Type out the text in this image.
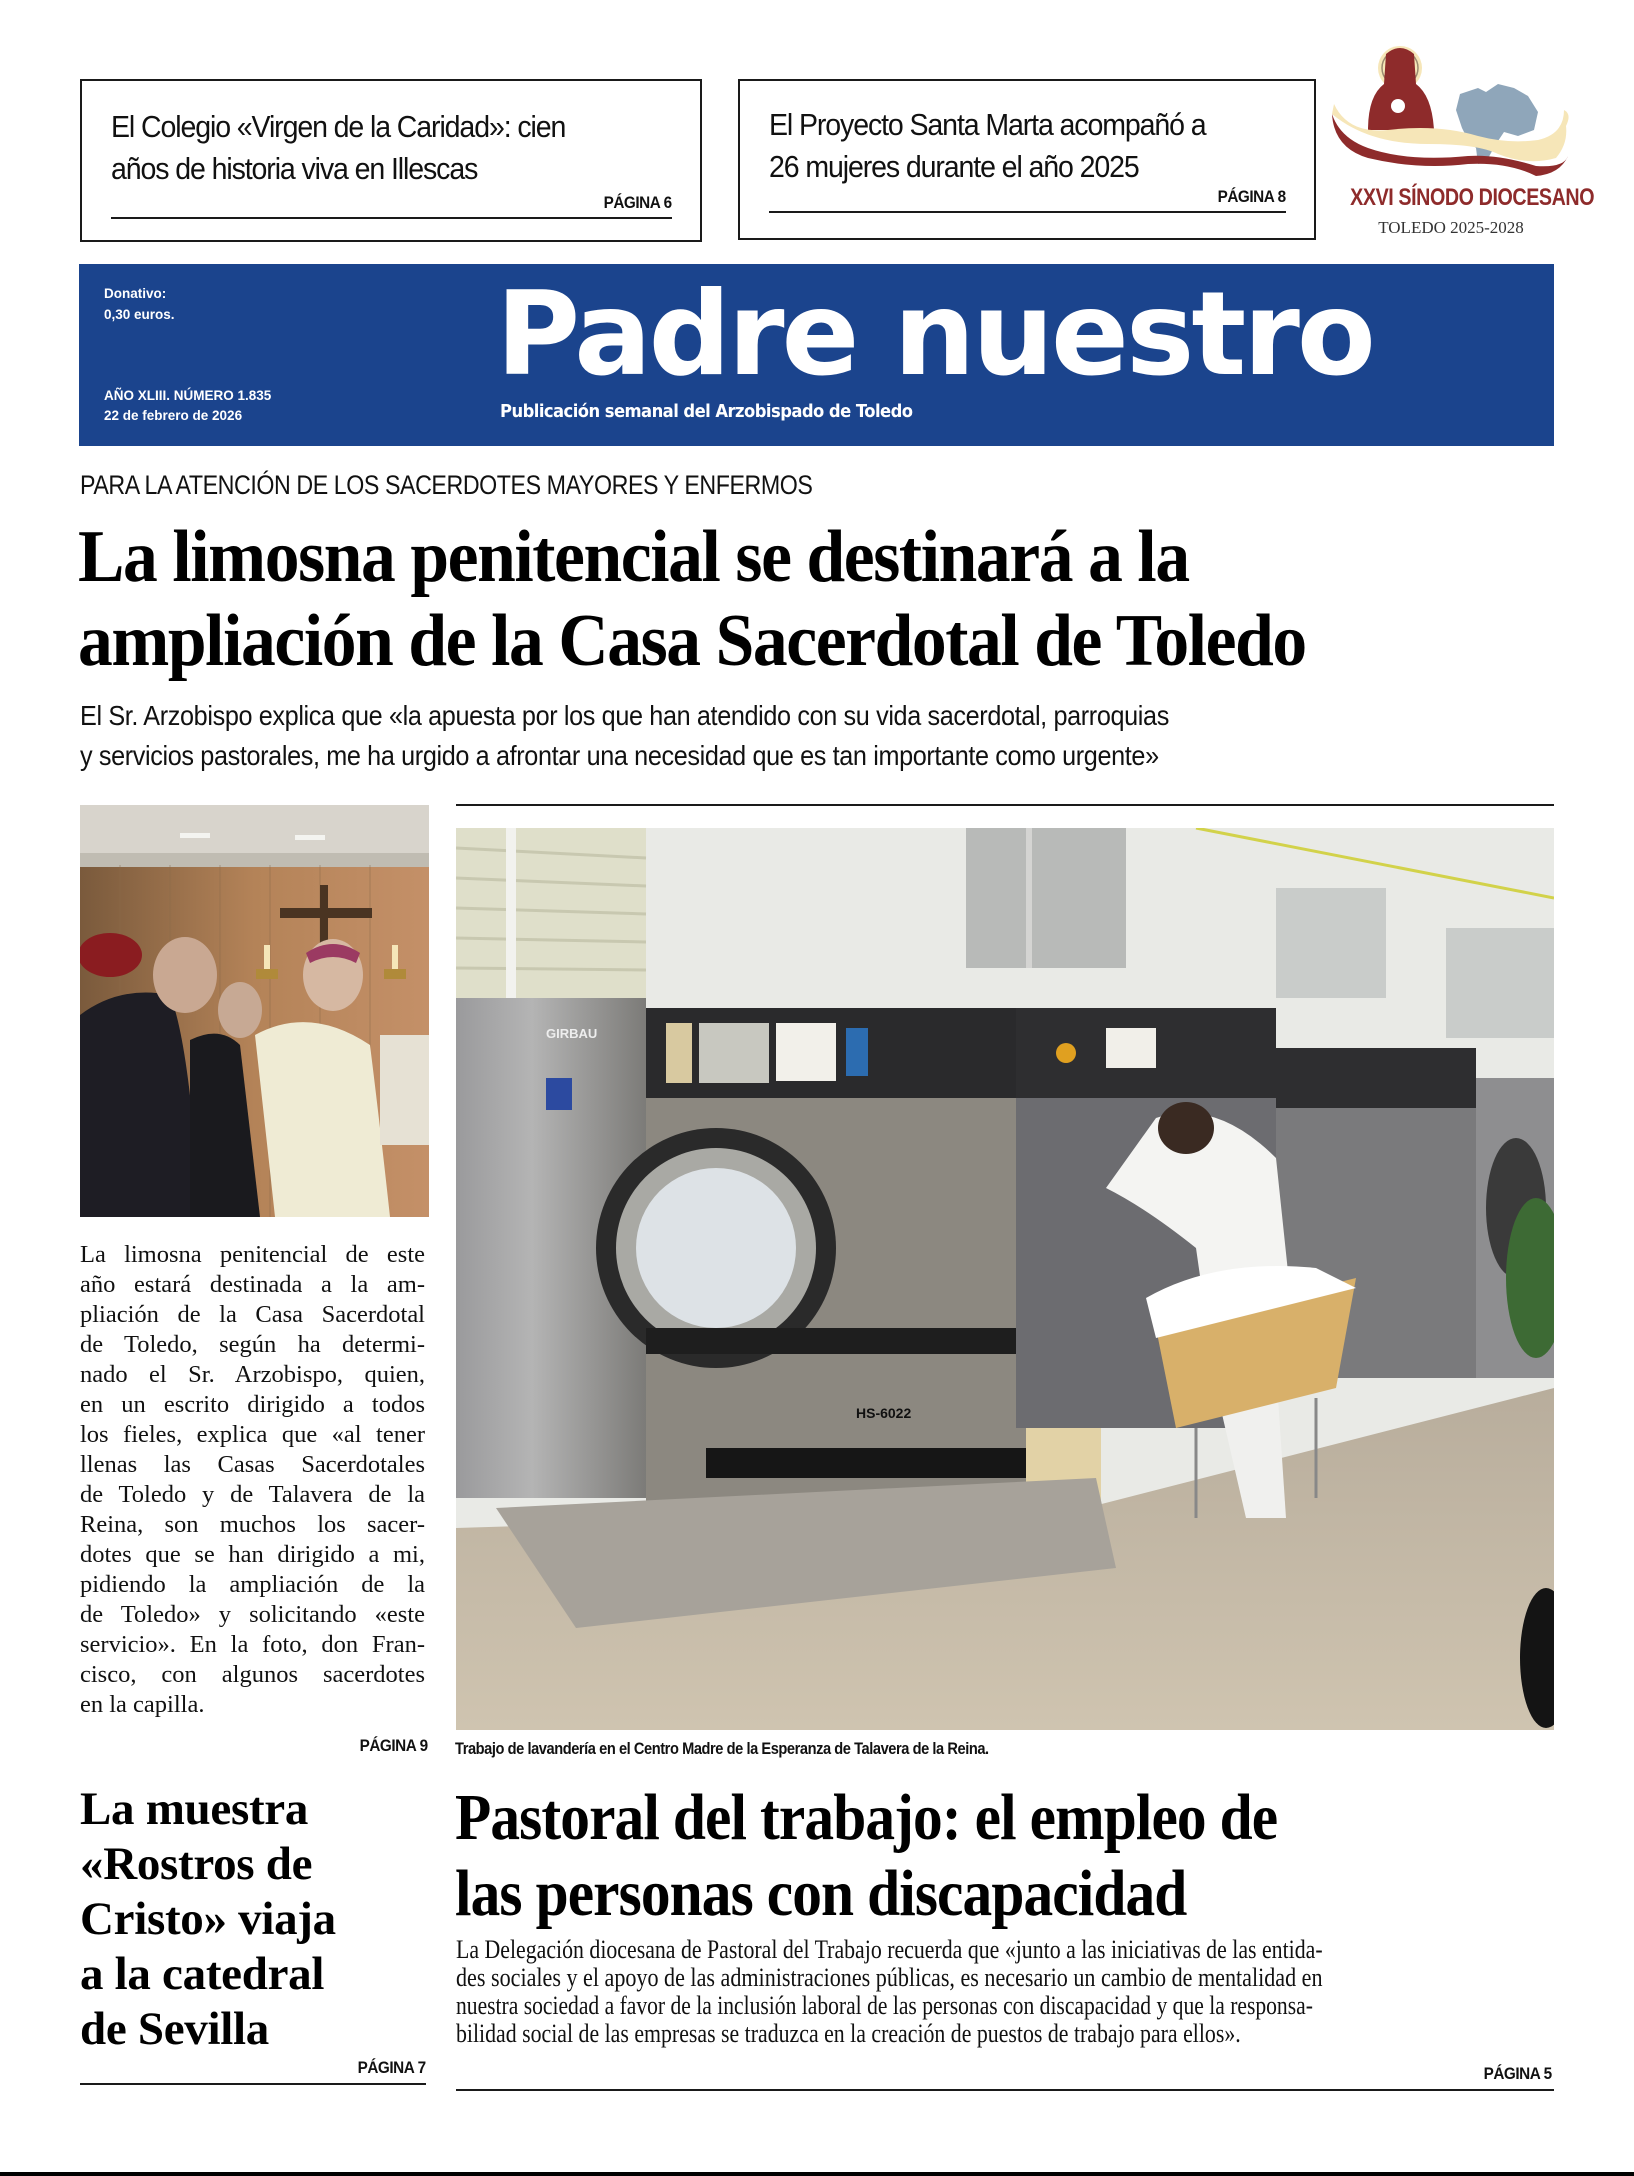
El Colegio «Virgen de la Caridad»: cien
años de historia viva en Illescas
PÁGINA 6
El Proyecto Santa Marta acompañó a
26 mujeres durante el año 2025
PÁGINA 8	XXVI SÍNODO DIOCESANO
TOLEDO 2025-2028
Donativo:
0,30 euros.
AÑO XLIII. NÚMERO 1.835
22 de febrero de 2026
Padre nuestro
Publicación semanal del Arzobispado de Toledo
PARA LA ATENCIÓN DE LOS SACERDOTES MAYORES Y ENFERMOS
La limosna penitencial se destinará a la
ampliación de la Casa Sacerdotal de Toledo
El Sr. Arzobispo explica que «la apuesta por los que han atendido con su vida sacerdotal, parroquias
y servicios pastorales, me ha urgido a afrontar una necesidad que es tan importante como urgente»
La limosna penitencial de este
año estará destinada a la am-
pliación de la Casa Sacerdotal
de Toledo, según ha determi-
nado el Sr. Arzobispo, quien,
en un escrito dirigido a todos
los fieles, explica que «al tener
llenas las Casas Sacerdotales
de Toledo y de Talavera de la
Reina, son muchos los sacer-
dotes que se han dirigido a mi,
pidiendo la ampliación de la
de Toledo» y solicitando «este
servicio». En la foto, don Fran-
cisco, con algunos sacerdotes
en la capilla.
PÁGINA 9
HS-6022
GIRBAU
Trabajo de lavandería en el Centro Madre de la Esperanza de Talavera de la Reina.
Pastoral del trabajo: el empleo de
las personas con discapacidad
La Delegación diocesana de Pastoral del Trabajo recuerda que «junto a las iniciativas de las entida-
des sociales y el apoyo de las administraciones públicas, es necesario un cambio de mentalidad en
nuestra sociedad a favor de la inclusión laboral de las personas con discapacidad y que la responsa-
bilidad social de las empresas se traduzca en la creación de puestos de trabajo para ellos».
PÁGINA 5
La muestra
«Rostros de
Cristo» viaja
a la catedral
de Sevilla
PÁGINA 7
